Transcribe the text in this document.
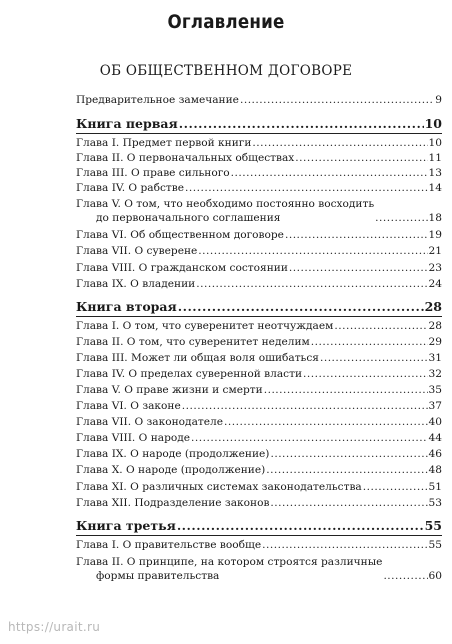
Оглавление
ОБ ОБЩЕСТВЕННОМ ДОГОВОРЕ
Предварительное замечание .....	9
Книга первая .....	10
Глава I. Предмет первой книги .....	10
Глава II. О первоначальных обществах .....	11
Глава III. О праве сильного .....	13
Глава IV. О рабстве .....	14
Глава V. О том, что необходимо постоянно восходить
до первоначального соглашения .....	18
Глава VI. Об общественном договоре .....	19
Глава VII. О суверене .....	21
Глава VIII. О гражданском состоянии .....	23
Глава IX. О владении .....	24
Книга вторая .....	28
Глава I. О том, что суверенитет неотчуждаем .....	28
Глава II. О том, что суверенитет неделим .....	29
Глава III. Может ли общая воля ошибаться .....	31
Глава IV. О пределах суверенной власти .....	32
Глава V. О праве жизни и смерти .....	35
Глава VI. О законе .....	37
Глава VII. О законодателе .....	40
Глава VIII. О народе .....	44
Глава IX. О народе (продолжение) .....	46
Глава X. О народе (продолжение) .....	48
Глава XI. О различных системах законодательства .....	51
Глава XII. Подразделение законов .....	53
Книга третья .....	55
Глава I. О правительстве вообще .....	55
Глава II. О принципе, на котором строятся различные
формы правительства .....	60
https://urait.ru
